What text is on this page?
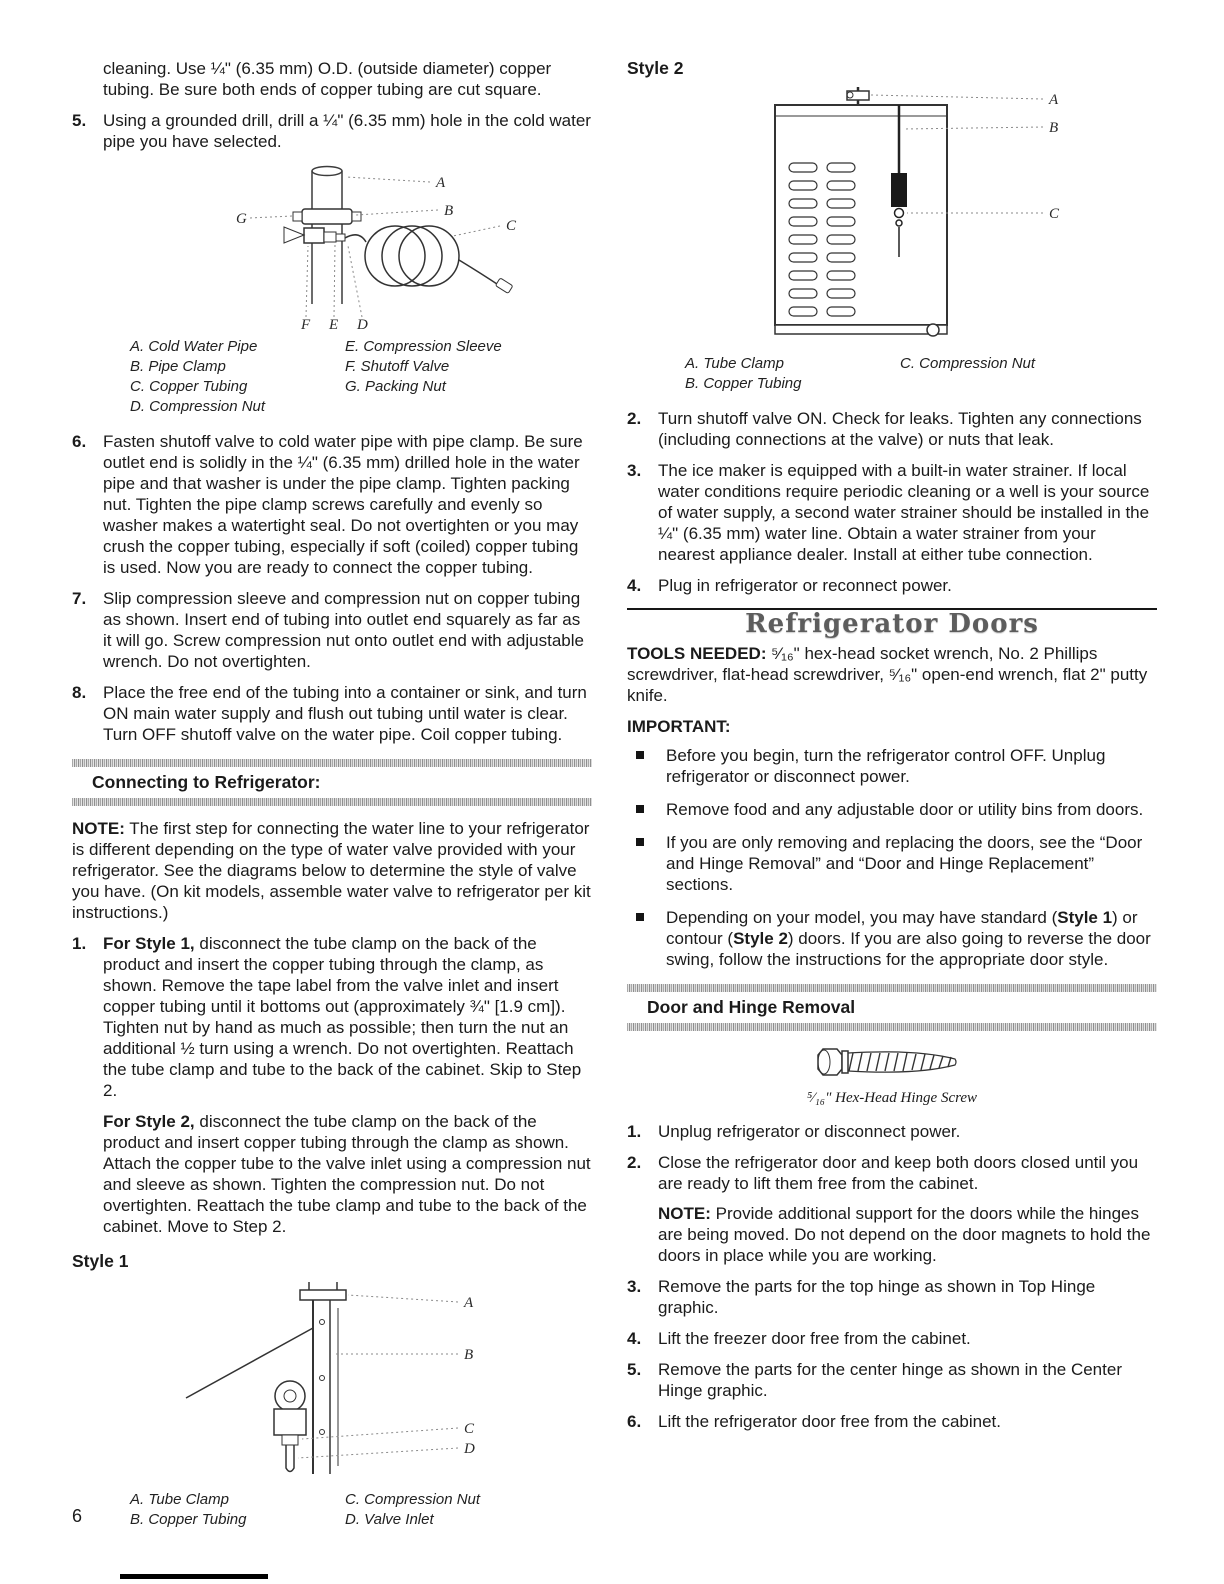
cleaning. Use ¼" (6.35 mm) O.D. (outside diameter) copper tubing. Be sure both ends of copper tubing are cut square.

5. Using a grounded drill, drill a ¼" (6.35 mm) hole in the cold water pipe you have selected.
A
B
C
G
F E D
A. Cold Water Pipe
B. Pipe Clamp
C. Copper Tubing
D. Compression Nut
E. Compression Sleeve
F. Shutoff Valve
G. Packing Nut
6. Fasten shutoff valve to cold water pipe with pipe clamp. Be sure outlet end is solidly in the ¼" (6.35 mm) drilled hole in the water pipe and that washer is under the pipe clamp. Tighten packing nut. Tighten the pipe clamp screws carefully and evenly so washer makes a watertight seal. Do not overtighten or you may crush the copper tubing, especially if soft (coiled) copper tubing is used. Now you are ready to connect the copper tubing.
7. Slip compression sleeve and compression nut on copper tubing as shown. Insert end of tubing into outlet end squarely as far as it will go. Screw compression nut onto outlet end with adjustable wrench. Do not overtighten.
8. Place the free end of the tubing into a container or sink, and turn ON main water supply and flush out tubing until water is clear. Turn OFF shutoff valve on the water pipe. Coil copper tubing.
Connecting to Refrigerator:

NOTE: The first step for connecting the water line to your refrigerator is different depending on the type of water valve provided with your refrigerator. See the diagrams below to determine the style of valve you have. (On kit models, assemble water valve to refrigerator per kit instructions.)

1. For Style 1, disconnect the tube clamp on the back of the product and insert the copper tubing through the clamp, as shown. Remove the tape label from the valve inlet and insert copper tubing until it bottoms out (approximately ¾" [1.9 cm]). Tighten nut by hand as much as possible; then turn the nut an additional ½ turn using a wrench. Do not overtighten. Reattach the tube clamp and tube to the back of the cabinet. Skip to Step 2.
For Style 2, disconnect the tube clamp on the back of the product and insert copper tubing through the clamp as shown. Attach the copper tube to the valve inlet using a compression nut and sleeve as shown. Tighten the compression nut. Do not overtighten. Reattach the tube clamp and tube to the back of the cabinet. Move to Step 2.
Style 1
A
B
C
D
A. Tube Clamp
B. Copper Tubing
C. Compression Nut
D. Valve Inlet
Style 2
A
B
C
A. Tube Clamp
B. Copper Tubing
C. Compression Nut
2. Turn shutoff valve ON. Check for leaks. Tighten any connections (including connections at the valve) or nuts that leak.
3. The ice maker is equipped with a built-in water strainer. If local water conditions require periodic cleaning or a well is your source of water supply, a second water strainer should be installed in the ¼" (6.35 mm) water line. Obtain a water strainer from your nearest appliance dealer. Install at either tube connection.
4. Plug in refrigerator or reconnect power.
Refrigerator Doors

TOOLS NEEDED: ⁵⁄₁₆" hex-head socket wrench, No. 2 Phillips screwdriver, flat-head screwdriver, ⁵⁄₁₆" open-end wrench, flat 2" putty knife.

IMPORTANT:

Before you begin, turn the refrigerator control OFF. Unplug refrigerator or disconnect power.
Remove food and any adjustable door or utility bins from doors.
If you are only removing and replacing the doors, see the “Door and Hinge Removal” and “Door and Hinge Replacement” sections.
Depending on your model, you may have standard (Style 1) or contour (Style 2) doors. If you are also going to reverse the door swing, follow the instructions for the appropriate door style.
Door and Hinge Removal
⁵⁄₁₆" Hex-Head Hinge Screw
1. Unplug refrigerator or disconnect power.
2. Close the refrigerator door and keep both doors closed until you are ready to lift them free from the cabinet.
NOTE: Provide additional support for the doors while the hinges are being moved. Do not depend on the door magnets to hold the doors in place while you are working.
3. Remove the parts for the top hinge as shown in Top Hinge graphic.
4. Lift the freezer door free from the cabinet.
5. Remove the parts for the center hinge as shown in the Center Hinge graphic.
6. Lift the refrigerator door free from the cabinet.
6
